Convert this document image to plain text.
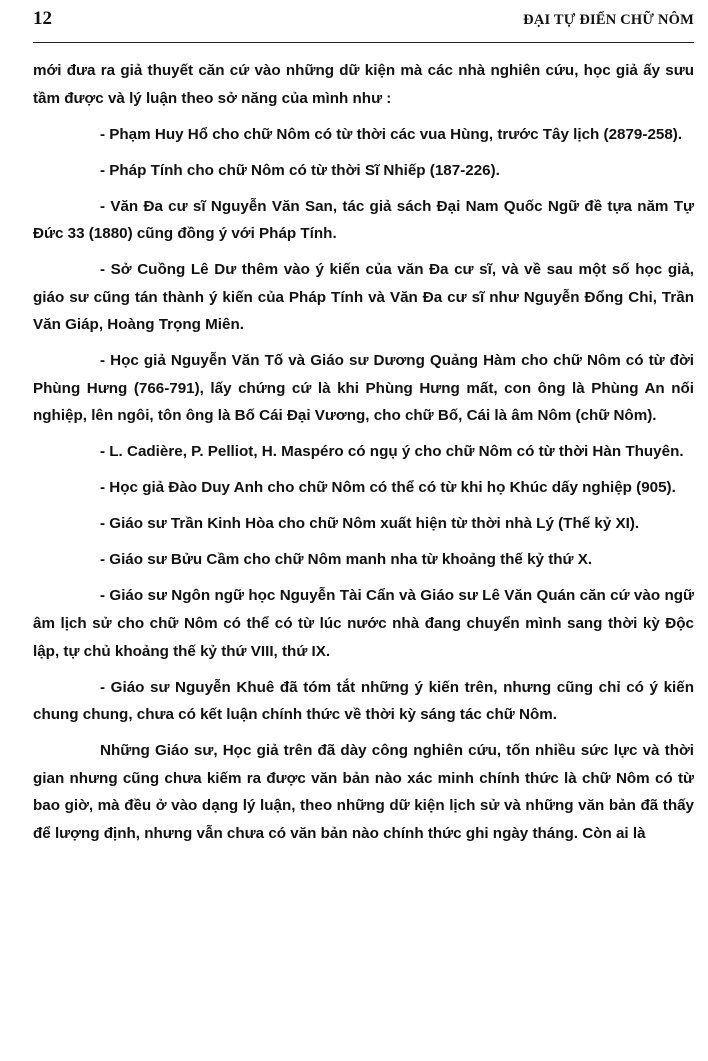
12	ĐẠI TỰ ĐIỂN CHỮ NÔM

mới đưa ra giả thuyết căn cứ vào những dữ kiện mà các nhà nghiên cứu, học giả ấy sưu tầm được và lý luận theo sở năng của mình như :

- Phạm Huy Hổ cho chữ Nôm có từ thời các vua Hùng, trước Tây lịch (2879-258).

- Pháp Tính cho chữ Nôm có từ thời Sĩ Nhiếp (187-226).

- Văn Đa cư sĩ Nguyễn Văn San, tác giả sách Đại Nam Quốc Ngữ đề tựa năm Tự Đức 33 (1880) cũng đồng ý với Pháp Tính.

- Sở Cuồng Lê Dư thêm vào ý kiến của văn Đa cư sĩ, và về sau một số học giả, giáo sư cũng tán thành ý kiến của Pháp Tính và Văn Đa cư sĩ như Nguyễn Đổng Chi, Trần Văn Giáp, Hoàng Trọng Miên.

- Học giả Nguyễn Văn Tố và Giáo sư Dương Quảng Hàm cho chữ Nôm có từ đời Phùng Hưng (766-791), lấy chứng cứ là khi Phùng Hưng mất, con ông là Phùng An nối nghiệp, lên ngôi, tôn ông là Bố Cái Đại Vương, cho chữ Bố, Cái là âm Nôm (chữ Nôm).

- L. Cadière, P. Pelliot, H. Maspéro có ngụ ý cho chữ Nôm có từ thời Hàn Thuyên.

- Học giả Đào Duy Anh cho chữ Nôm có thể có từ khi họ Khúc dấy nghiệp (905).

- Giáo sư Trần Kinh Hòa cho chữ Nôm xuất hiện từ thời nhà Lý (Thế kỷ XI).

- Giáo sư Bửu Cầm cho chữ Nôm manh nha từ khoảng thế kỷ thứ X.

- Giáo sư Ngôn ngữ học Nguyễn Tài Cẩn và Giáo sư Lê Văn Quán căn cứ vào ngữ âm lịch sử cho chữ Nôm có thể có từ lúc nước nhà đang chuyển mình sang thời kỳ Độc lập, tự chủ khoảng thế kỷ thứ VIII, thứ IX.

- Giáo sư Nguyễn Khuê đã tóm tắt những ý kiến trên, nhưng cũng chỉ có ý kiến chung chung, chưa có kết luận chính thức về thời kỳ sáng tác chữ Nôm.

Những Giáo sư, Học giả trên đã dày công nghiên cứu, tốn nhiều sức lực và thời gian nhưng cũng chưa kiếm ra được văn bản nào xác minh chính thức là chữ Nôm có từ bao giờ, mà đều ở vào dạng lý luận, theo những dữ kiện lịch sử và những văn bản đã thấy để lượng định, nhưng vẫn chưa có văn bản nào chính thức ghi ngày tháng. Còn ai là
